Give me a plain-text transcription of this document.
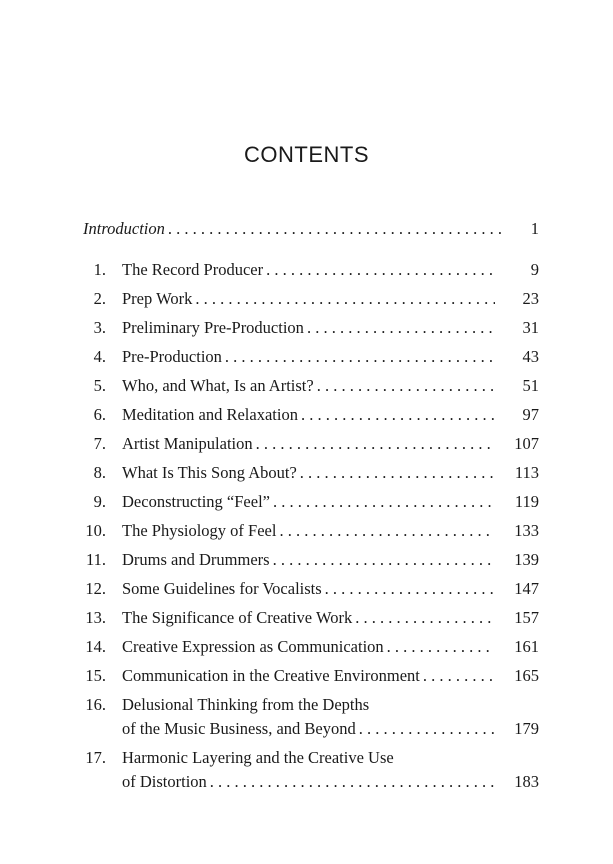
CONTENTS
Introduction . . .	1
1. The Record Producer . . .	9
2. Prep Work . . .	23
3. Preliminary Pre-Production . . .	31
4. Pre-Production . . .	43
5. Who, and What, Is an Artist? . . .	51
6. Meditation and Relaxation . . .	97
7. Artist Manipulation . . .	107
8. What Is This Song About? . . .	113
9. Deconstructing “Feel” . . .	119
10. The Physiology of Feel . . .	133
11. Drums and Drummers . . .	139
12. Some Guidelines for Vocalists . . .	147
13. The Significance of Creative Work . . .	157
14. Creative Expression as Communication . . .	161
15. Communication in the Creative Environment . . .	165
16. Delusional Thinking from the Depths
of the Music Business, and Beyond . . .	179
17. Harmonic Layering and the Creative Use
of Distortion . . .	183
